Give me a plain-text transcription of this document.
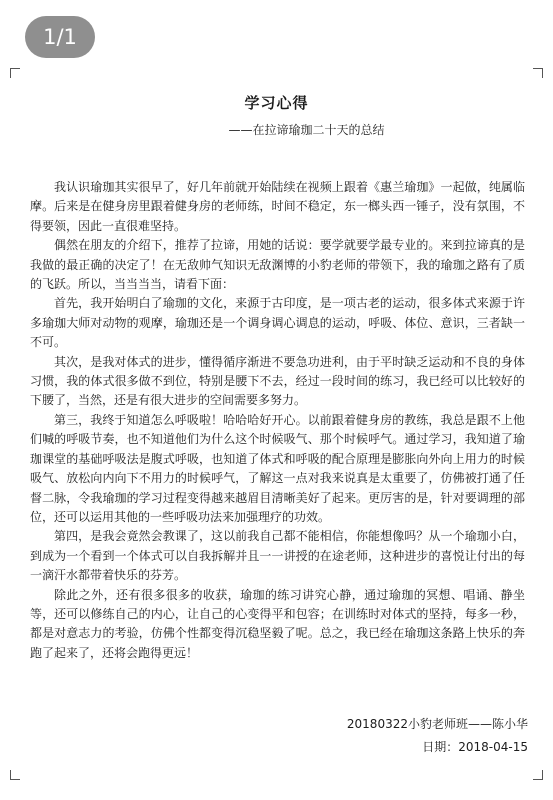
1/1
学习心得
——在拉谛瑜珈二十天的总结

我认识瑜珈其实很早了，好几年前就开始陆续在视频上跟着《惠兰瑜珈》一起做，纯属临摩。后来是在健身房里跟着健身房的老师练，时间不稳定，东一榔头西一锤子，没有氛围，不得要领，因此一直很难坚持。

偶然在朋友的介绍下，推荐了拉谛，用她的话说：要学就要学最专业的。来到拉谛真的是我做的最正确的决定了！在无敌帅气知识无敌渊博的小豹老师的带领下，我的瑜珈之路有了质的飞跃。所以，当当当当，请看下面：

首先，我开始明白了瑜珈的文化，来源于古印度，是一项古老的运动，很多体式来源于许多瑜珈大师对动物的观摩，瑜珈还是一个调身调心调息的运动，呼吸、体位、意识，三者缺一不可。

其次，是我对体式的进步，懂得循序渐进不要急功进利，由于平时缺乏运动和不良的身体习惯，我的体式很多做不到位，特别是腰下不去，经过一段时间的练习，我已经可以比较好的下腰了，当然，还是有很大进步的空间需要多努力。

第三，我终于知道怎么呼吸啦！哈哈哈好开心。以前跟着健身房的教练，我总是跟不上他们喊的呼吸节奏，也不知道他们为什么这个时候吸气、那个时候呼气。通过学习，我知道了瑜珈课堂的基础呼吸法是腹式呼吸，也知道了体式和呼吸的配合原理是膨胀向外向上用力的时候吸气、放松向内向下不用力的时候呼气，了解这一点对我来说真是太重要了，仿佛被打通了任督二脉，令我瑜珈的学习过程变得越来越眉目清晰美好了起来。更厉害的是，针对要调理的部位，还可以运用其他的一些呼吸功法来加强理疗的功效。

第四，是我会竟然会教课了，这以前我自己都不能相信，你能想像吗？从一个瑜珈小白，到成为一个看到一个体式可以自我拆解并且一一讲授的在途老师，这种进步的喜悦让付出的每一滴汗水都带着快乐的芬芳。

除此之外，还有很多很多的收获，瑜珈的练习讲究心静，通过瑜珈的冥想、唱诵、静坐等，还可以修练自己的内心，让自己的心变得平和包容；在训练时对体式的坚持，每多一秒，都是对意志力的考验，仿佛个性都变得沉稳坚毅了呢。总之，我已经在瑜珈这条路上快乐的奔跑了起来了，还将会跑得更远！

20180322小豹老师班——陈小华
日期：2018-04-15
